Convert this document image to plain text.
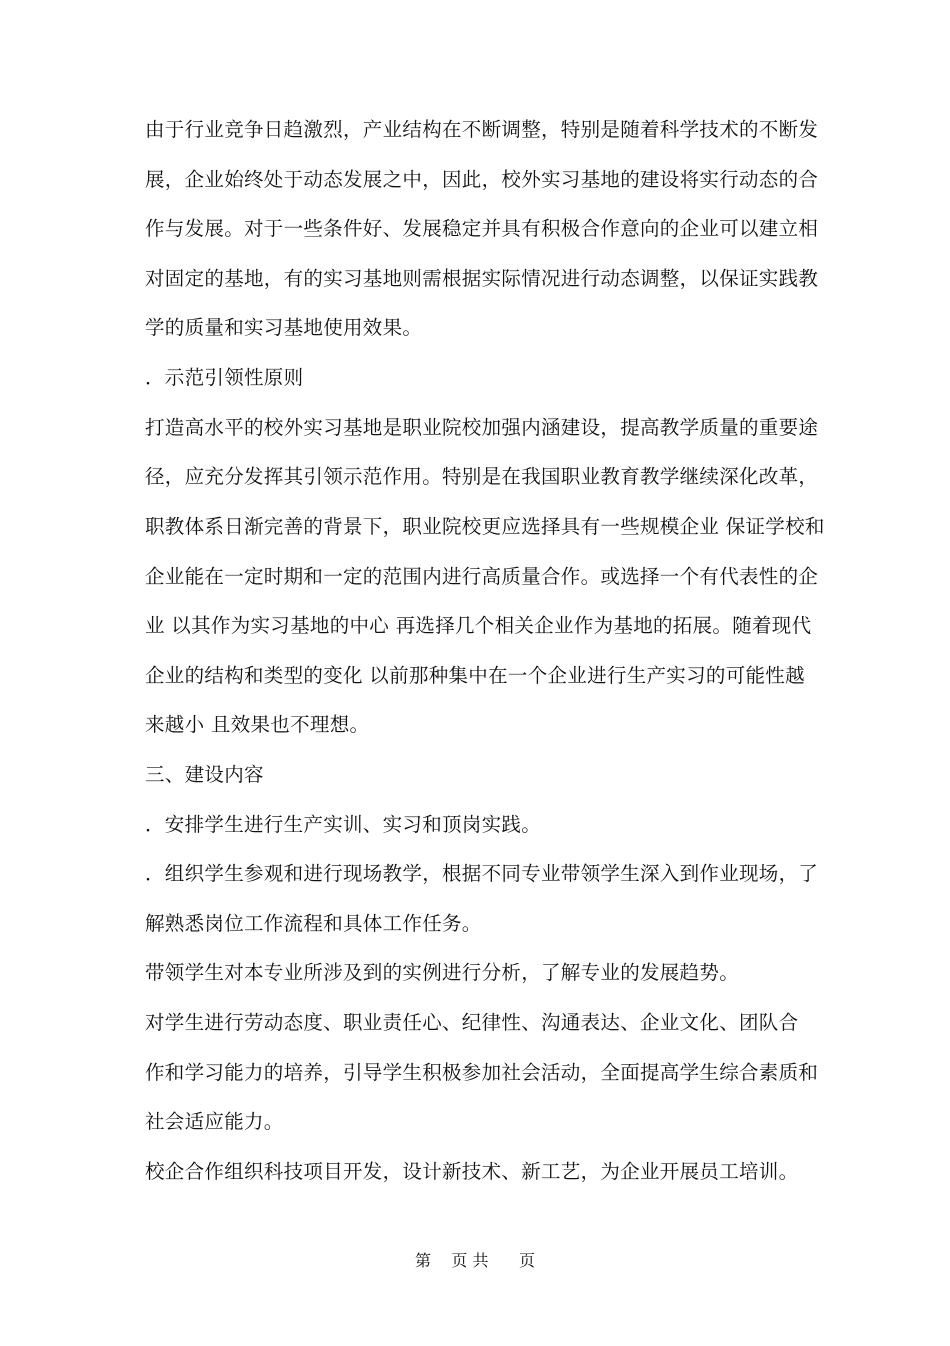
由于行业竞争日趋激烈，产业结构在不断调整，特别是随着科学技术的不断发
展，企业始终处于动态发展之中，因此，校外实习基地的建设将实行动态的合
作与发展。对于一些条件好、发展稳定并具有积极合作意向的企业可以建立相
对固定的基地，有的实习基地则需根据实际情况进行动态调整，以保证实践教
学的质量和实习基地使用效果。
．示范引领性原则
打造高水平的校外实习基地是职业院校加强内涵建设，提高教学质量的重要途
径，应充分发挥其引领示范作用。特别是在我国职业教育教学继续深化改革，
职教体系日渐完善的背景下，职业院校更应选择具有一些规模企业 保证学校和
企业能在一定时期和一定的范围内进行高质量合作。或选择一个有代表性的企
业 以其作为实习基地的中心 再选择几个相关企业作为基地的拓展。随着现代
企业的结构和类型的变化 以前那种集中在一个企业进行生产实习的可能性越
来越小 且效果也不理想。
三、建设内容
．安排学生进行生产实训、实习和顶岗实践。
．组织学生参观和进行现场教学，根据不同专业带领学生深入到作业现场，了
解熟悉岗位工作流程和具体工作任务。
带领学生对本专业所涉及到的实例进行分析，了解专业的发展趋势。
对学生进行劳动态度、职业责任心、纪律性、沟通表达、企业文化、团队合
作和学习能力的培养，引导学生积极参加社会活动，全面提高学生综合素质和
社会适应能力。
校企合作组织科技项目开发，设计新技术、新工艺，为企业开展员工培训。
第    页 共      页
